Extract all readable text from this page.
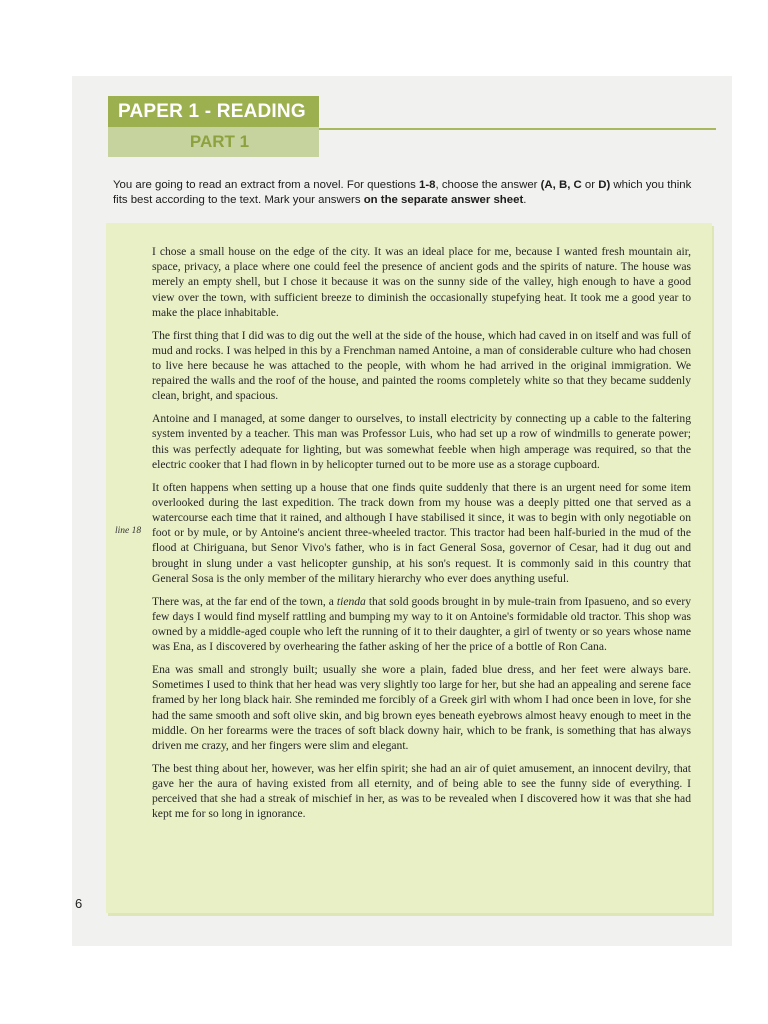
PAPER 1 - READING
PART 1
You are going to read an extract from a novel. For questions 1-8, choose the answer (A, B, C or D) which you think fits best according to the text. Mark your answers on the separate answer sheet.
line 18

I chose a small house on the edge of the city. It was an ideal place for me, because I wanted fresh mountain air, space, privacy, a place where one could feel the presence of ancient gods and the spirits of nature. The house was merely an empty shell, but I chose it because it was on the sunny side of the valley, high enough to have a good view over the town, with sufficient breeze to diminish the occasionally stupefying heat. It took me a good year to make the place inhabitable.

The first thing that I did was to dig out the well at the side of the house, which had caved in on itself and was full of mud and rocks. I was helped in this by a Frenchman named Antoine, a man of considerable culture who had chosen to live here because he was attached to the people, with whom he had arrived in the original immigration. We repaired the walls and the roof of the house, and painted the rooms completely white so that they became suddenly clean, bright, and spacious.

Antoine and I managed, at some danger to ourselves, to install electricity by connecting up a cable to the faltering system invented by a teacher. This man was Professor Luis, who had set up a row of windmills to generate power; this was perfectly adequate for lighting, but was somewhat feeble when high amperage was required, so that the electric cooker that I had flown in by helicopter turned out to be more use as a storage cupboard.

It often happens when setting up a house that one finds quite suddenly that there is an urgent need for some item overlooked during the last expedition. The track down from my house was a deeply pitted one that served as a watercourse each time that it rained, and although I have stabilised it since, it was to begin with only negotiable on foot or by mule, or by Antoine's ancient three-wheeled tractor. This tractor had been half-buried in the mud of the flood at Chiriguana, but Senor Vivo's father, who is in fact General Sosa, governor of Cesar, had it dug out and brought in slung under a vast helicopter gunship, at his son's request. It is commonly said in this country that General Sosa is the only member of the military hierarchy who ever does anything useful.

There was, at the far end of the town, a tienda that sold goods brought in by mule-train from Ipasueno, and so every few days I would find myself rattling and bumping my way to it on Antoine's formidable old tractor. This shop was owned by a middle-aged couple who left the running of it to their daughter, a girl of twenty or so years whose name was Ena, as I discovered by overhearing the father asking of her the price of a bottle of Ron Cana.

Ena was small and strongly built; usually she wore a plain, faded blue dress, and her feet were always bare. Sometimes I used to think that her head was very slightly too large for her, but she had an appealing and serene face framed by her long black hair. She reminded me forcibly of a Greek girl with whom I had once been in love, for she had the same smooth and soft olive skin, and big brown eyes beneath eyebrows almost heavy enough to meet in the middle. On her forearms were the traces of soft black downy hair, which to be frank, is something that has always driven me crazy, and her fingers were slim and elegant.

The best thing about her, however, was her elfin spirit; she had an air of quiet amusement, an innocent devilry, that gave her the aura of having existed from all eternity, and of being able to see the funny side of everything. I perceived that she had a streak of mischief in her, as was to be revealed when I discovered how it was that she had kept me for so long in ignorance.

6
